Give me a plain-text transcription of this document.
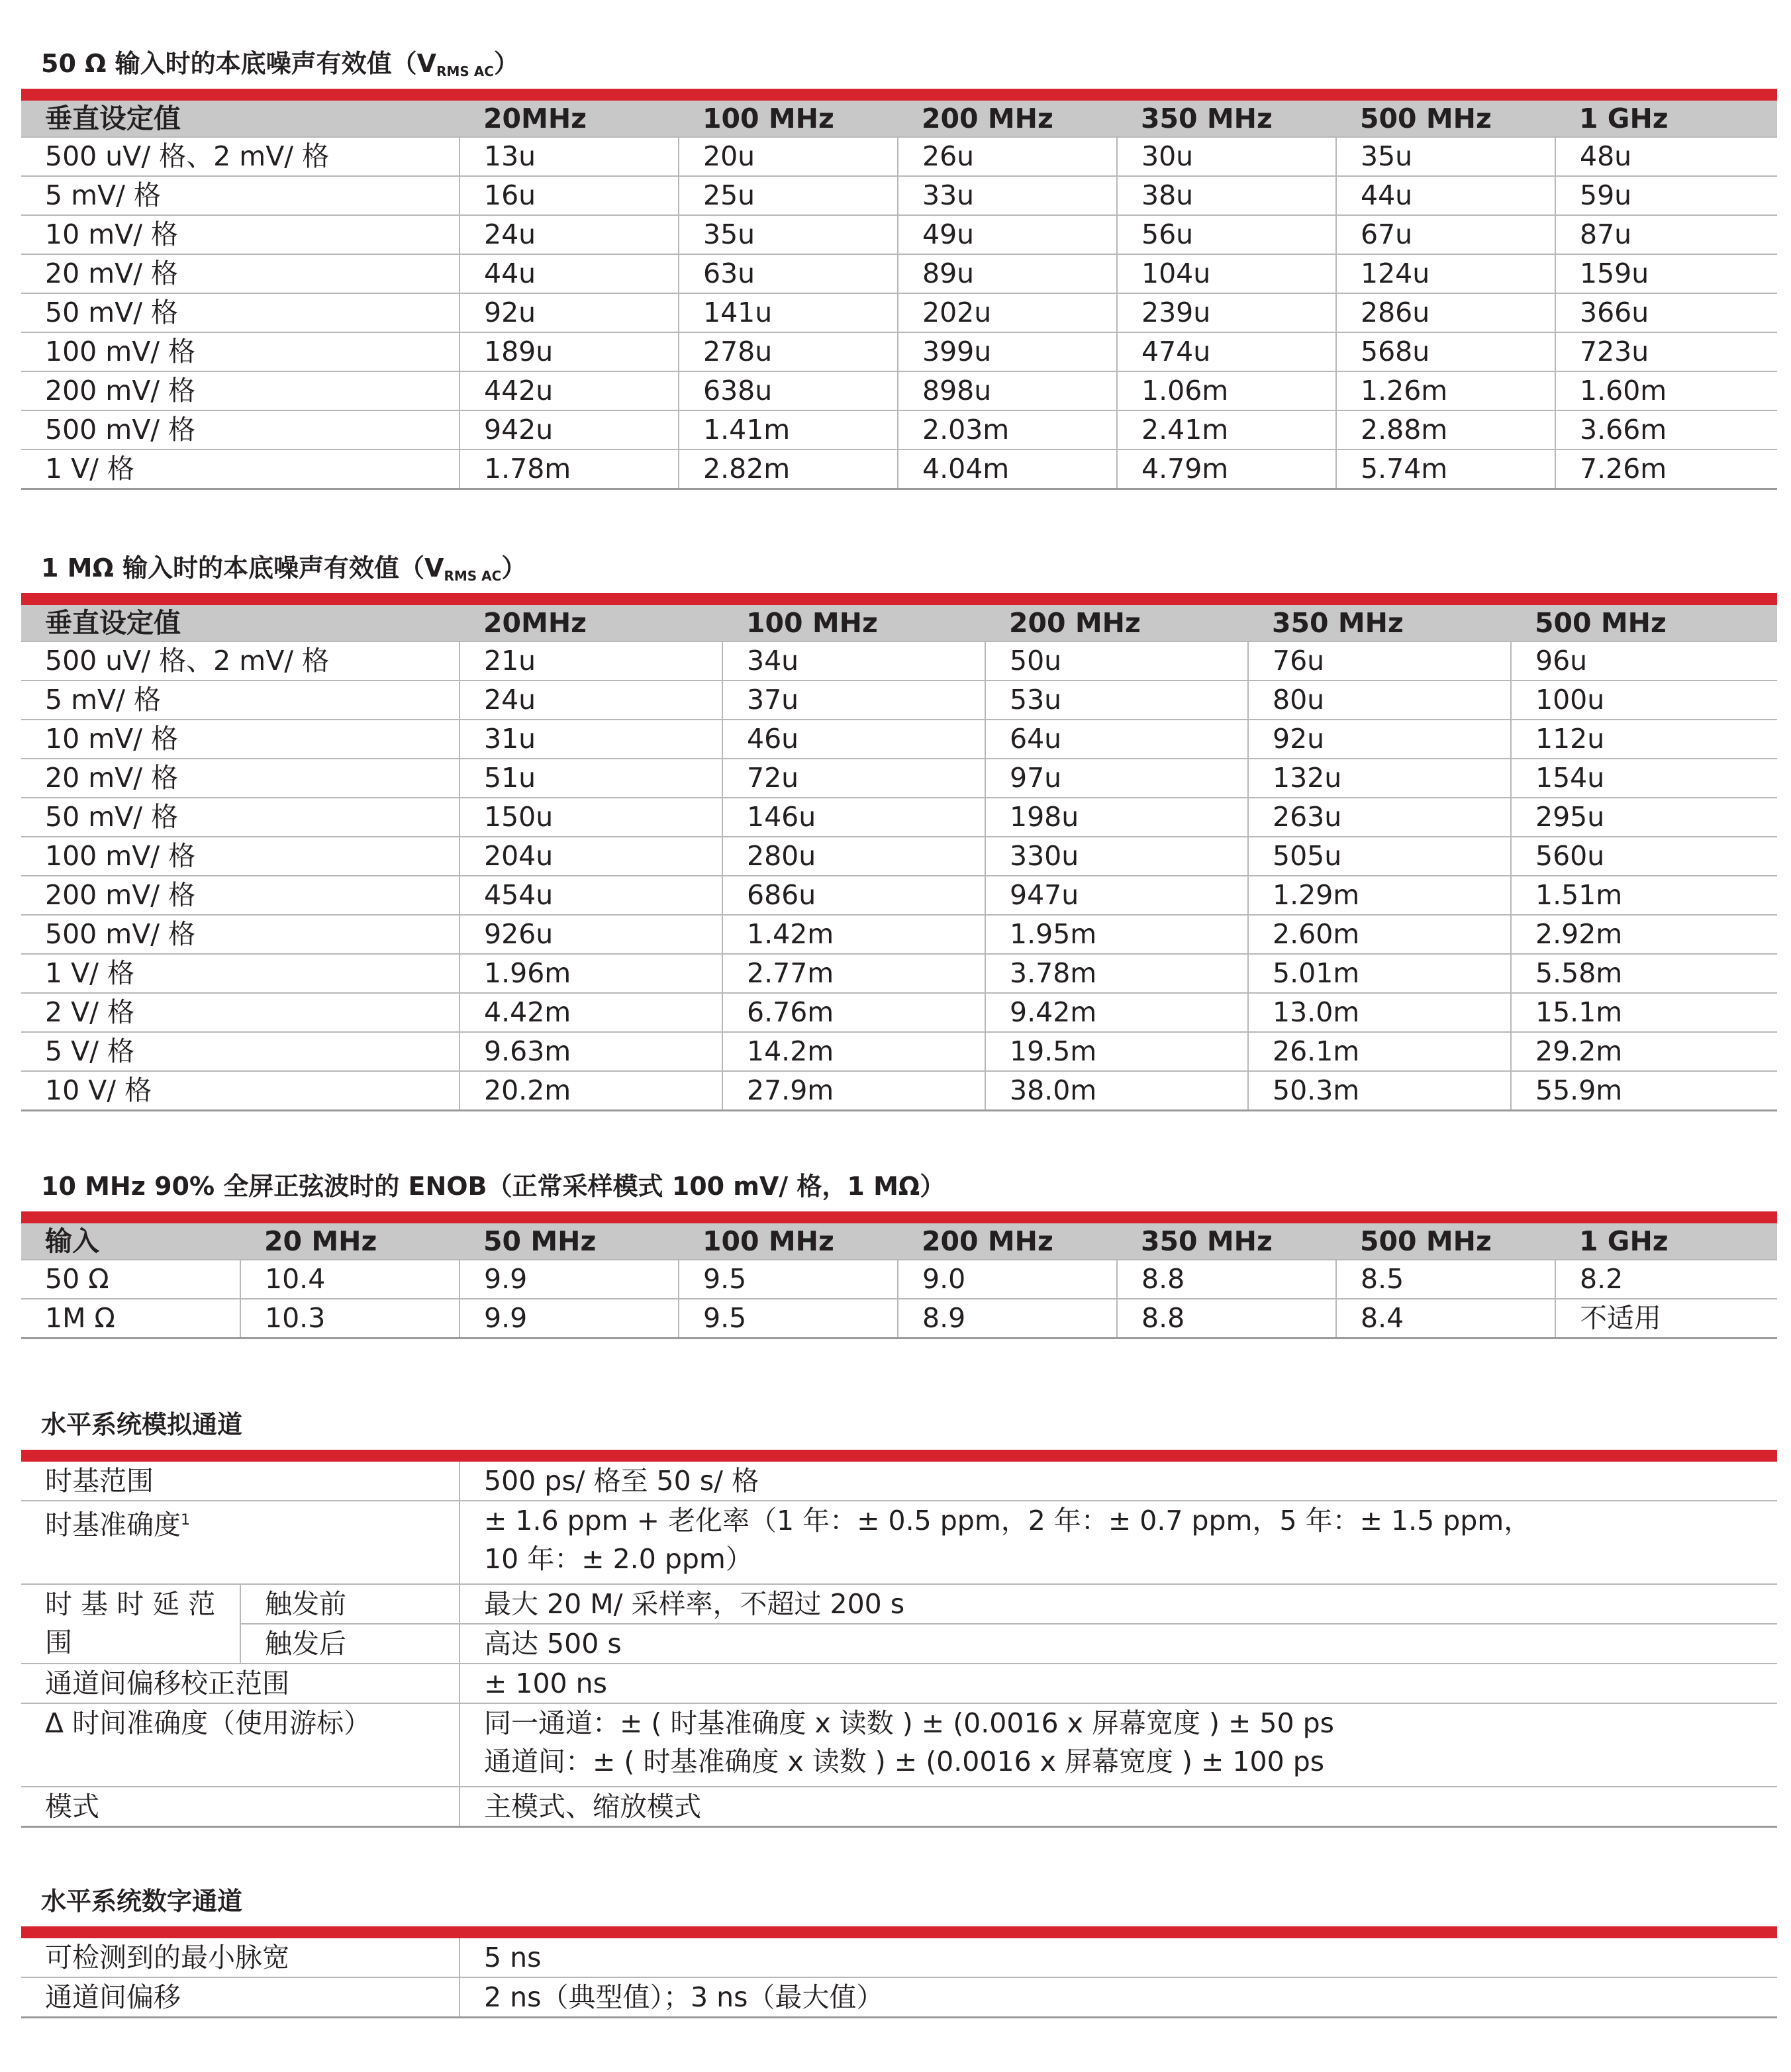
50 Ω 输入时的本底噪声有效值$(V_{RMS AC})$
垂直设定值	20MHz	100 MHz	200 MHz	350 MHz	500 MHz	1 GHz
500 uV/ 格、2 mV/ 格	13u	20u	26u	30u	35u	48u
5 mV/ 格	16u	25u	33u	38u	44u	59u
10 mV/ 格	24u	35u	49u	56u	67u	87u
20 mV/ 格	44u	63u	89u	104u	124u	159u
50 mV/ 格	92u	141u	202u	239u	286u	366u
100 mV/ 格	189u	278u	399u	474u	568u	723u
200 mV/ 格	442u	638u	898u	1.06m	1.26m	1.60m
500 mV/ 格	942u	1.41m	2.03m	2.41m	2.88m	3.66m
1 V/ 格	1.78m	2.82m	4.04m	4.79m	5.74m	7.26m
1 MΩ 输入时的本底噪声有效值$(V_{RMS AC})$
垂直设定值	20MHz	100 MHz	200 MHz	350 MHz	500 MHz
500 uV/ 格、2 mV/ 格	21u	34u	50u	76u	96u
5 mV/ 格	24u	37u	53u	80u	100u
10 mV/ 格	31u	46u	64u	92u	112u
20 mV/ 格	51u	72u	97u	132u	154u
50 mV/ 格	150u	146u	198u	263u	295u
100 mV/ 格	204u	280u	330u	505u	560u
200 mV/ 格	454u	686u	947u	1.29m	1.51m
500 mV/ 格	926u	1.42m	1.95m	2.60m	2.92m
1 V/ 格	1.96m	2.77m	3.78m	5.01m	5.58m
2 V/ 格	4.42m	6.76m	9.42m	13.0m	15.1m
5 V/ 格	9.63m	14.2m	19.5m	26.1m	29.2m
10 V/ 格	20.2m	27.9m	38.0m	50.3m	55.9m
10 MHz 90% 全屏正弦波时的 ENOB（正常采样模式 100 mV/ 格，1 MΩ）
输入	20 MHz	50 MHz	100 MHz	200 MHz	350 MHz	500 MHz	1 GHz
50 Ω	10.4	9.9	9.5	9.0	8.8	8.5	8.2
1M Ω	10.3	9.9	9.5	8.9	8.8	8.4	不适用
水平系统模拟通道
时基范围		500 ps/ 格至 50 s/ 格
时基准确度$^1$		± 1.6 ppm + 老化率（1 年：± 0.5 ppm，2 年：± 0.7 ppm，5 年：± 1.5 ppm，
10 年：± 2.0 ppm）

时 基 时 延 范 围	触发前	最大 20 M/ 采样率，不超过 200 s
	触发后	高达 500 s
通道间偏移校正范围		± 100 ns
Δ 时间准确度（使用游标）		同一通道：± ( 时基准确度 x 读数 ) ± (0.0016 x 屏幕宽度 ) ± 50 ps
通道间：± ( 时基准确度 x 读数 ) ± (0.0016 x 屏幕宽度 ) ± 100 ps

模式		主模式、缩放模式
水平系统数字通道
可检测到的最小脉宽	5 ns
通道间偏移	2 ns（典型值）；3 ns（最大值）
